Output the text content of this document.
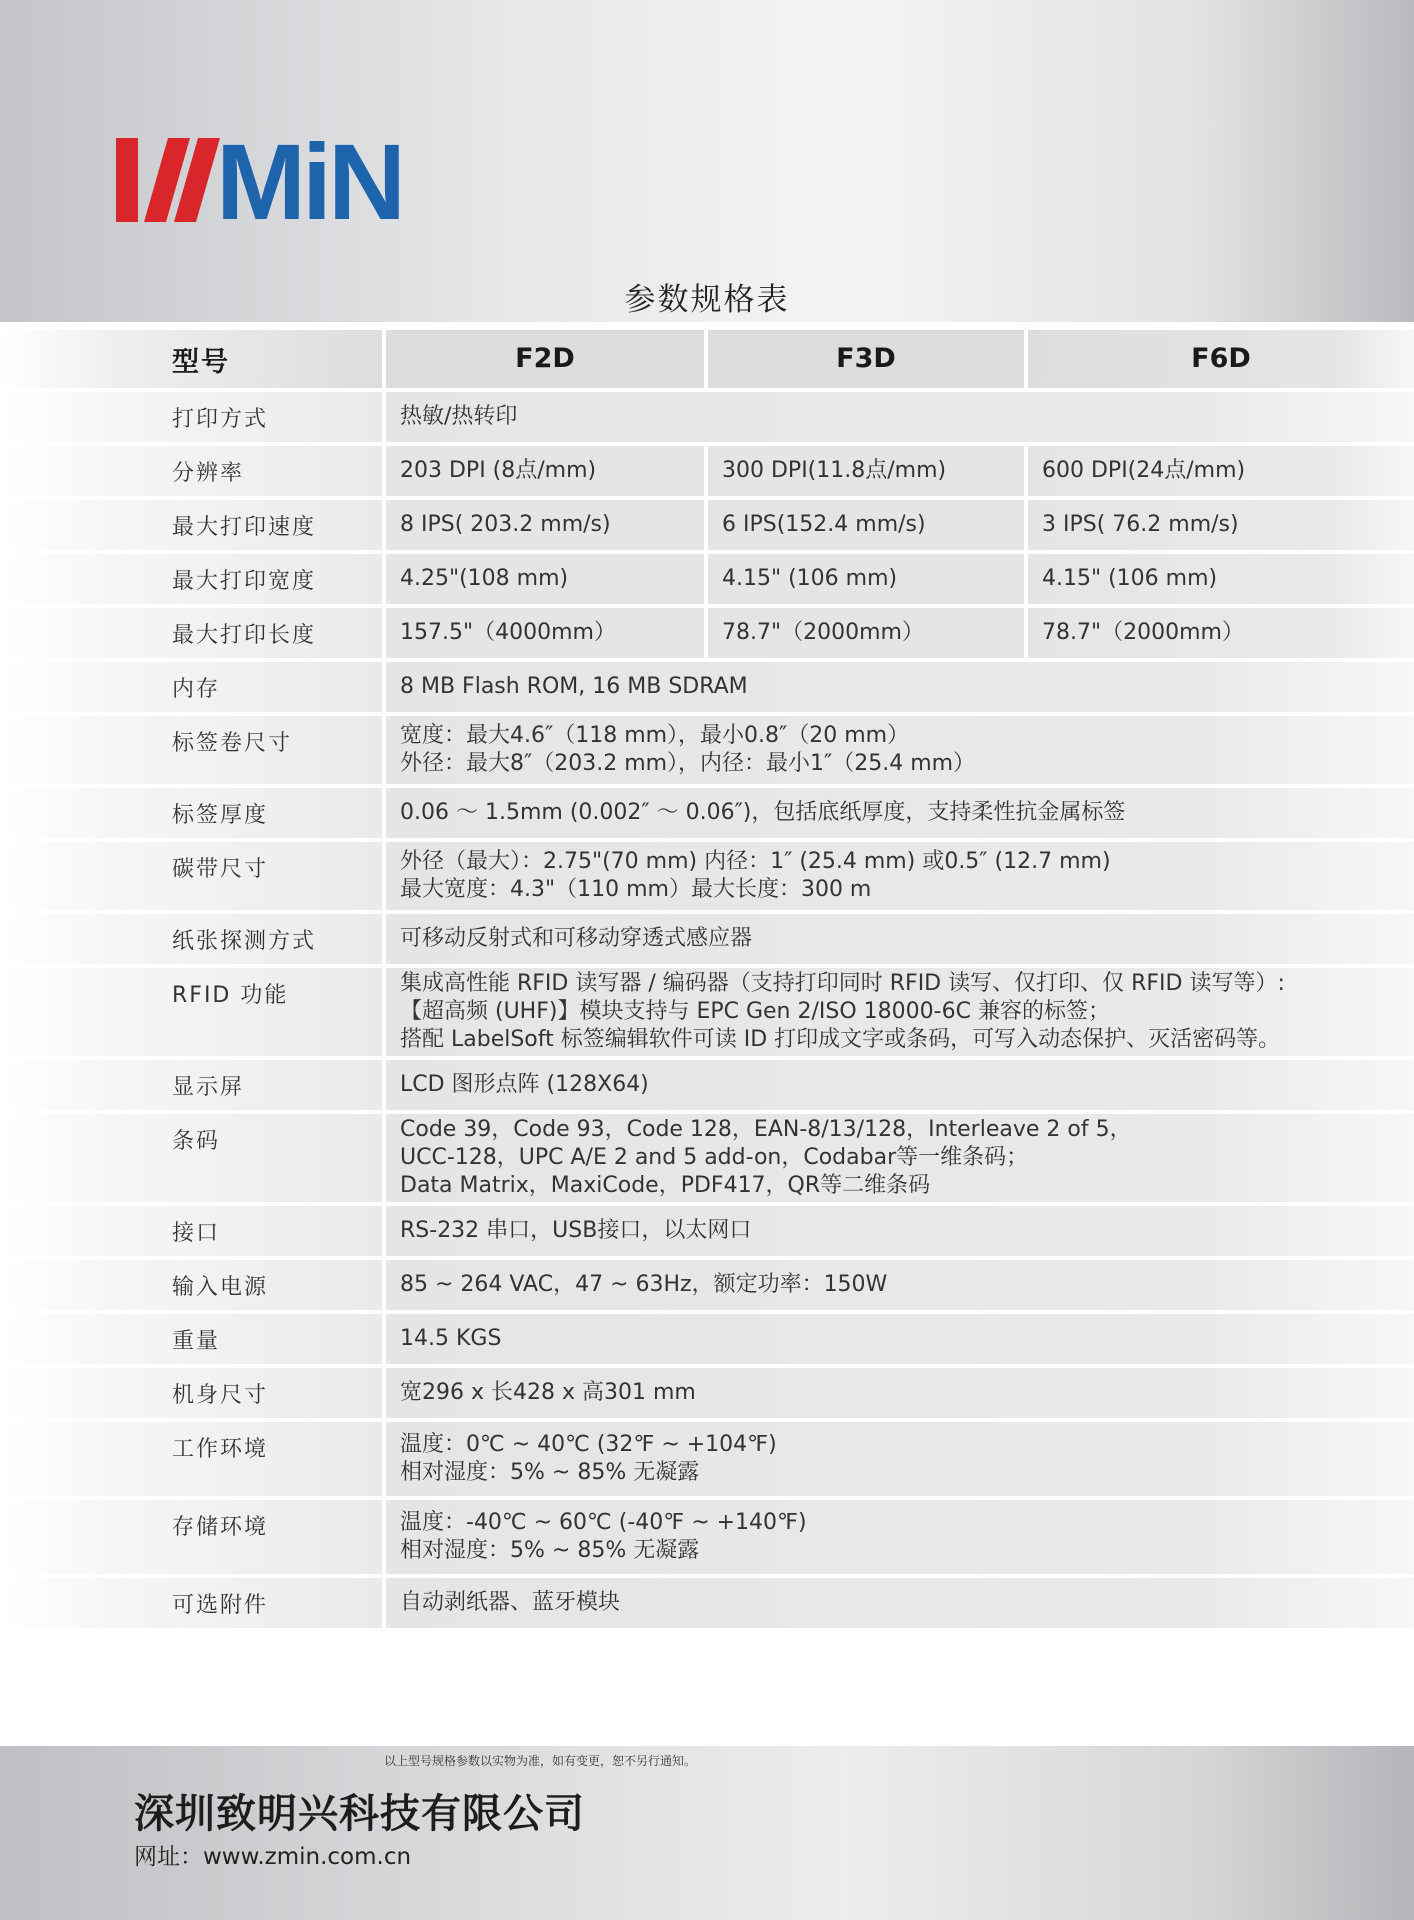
MiN
参数规格表
型号	F2D	F3D	F6D
打印方式	热敏/热转印		
分辨率	203 DPI (8点/mm)	300 DPI(11.8点/mm)	600 DPI(24点/mm)
最大打印速度	8 IPS( 203.2 mm/s)	6 IPS(152.4 mm/s)	3 IPS( 76.2 mm/s)
最大打印宽度	4.25"(108 mm)	4.15" (106 mm)	4.15" (106 mm)
最大打印长度	157.5"（4000mm）	78.7"（2000mm）	78.7"（2000mm）
内存	8 MB Flash ROM, 16 MB SDRAM		
标签卷尺寸	宽度：最大4.6″（118 mm），最小0.8″（20 mm）
外径：最大8″（203.2 mm），内径：最小1″（25.4 mm）		

标签厚度	0.06 ～ 1.5mm (0.002″ ～ 0.06″)，包括底纸厚度，支持柔性抗金属标签		
碳带尺寸	外径（最大）：2.75"(70 mm) 内径：1″ (25.4 mm) 或0.5″ (12.7 mm)
最大宽度：4.3"（110 mm）最大长度：300 m		

纸张探测方式	可移动反射式和可移动穿透式感应器		
RFID 功能	集成高性能 RFID 读写器 / 编码器（支持打印同时 RFID 读写、仅打印、仅 RFID 读写等）:
【超高频 (UHF)】模块支持与 EPC Gen 2/ISO 18000-6C 兼容的标签；
搭配 LabelSoft 标签编辑软件可读 ID 打印成文字或条码，可写入动态保护、灭活密码等。		

显示屏	LCD 图形点阵 (128X64)		
条码	Code 39，Code 93，Code 128，EAN-8/13/128，Interleave 2 of 5，
UCC-128，UPC A/E 2 and 5 add-on，Codabar等一维条码；
Data Matrix，MaxiCode，PDF417，QR等二维条码		

接口	RS-232 串口，USB接口，以太网口		
输入电源	85 ~ 264 VAC，47 ~ 63Hz，额定功率：150W		
重量	14.5 KGS		
机身尺寸	宽296 x 长428 x 高301 mm		
工作环境	温度：0℃ ~ 40℃ (32℉ ~ +104℉)
相对湿度：5% ~ 85% 无凝露		

存储环境	温度：-40℃ ~ 60℃ (-40℉ ~ +140℉)
相对湿度：5% ~ 85% 无凝露		

可选附件	自动剥纸器、蓝牙模块		
以上型号规格参数以实物为准，如有变更，恕不另行通知。
深圳致明兴科技有限公司
网址：www.zmin.com.cn
